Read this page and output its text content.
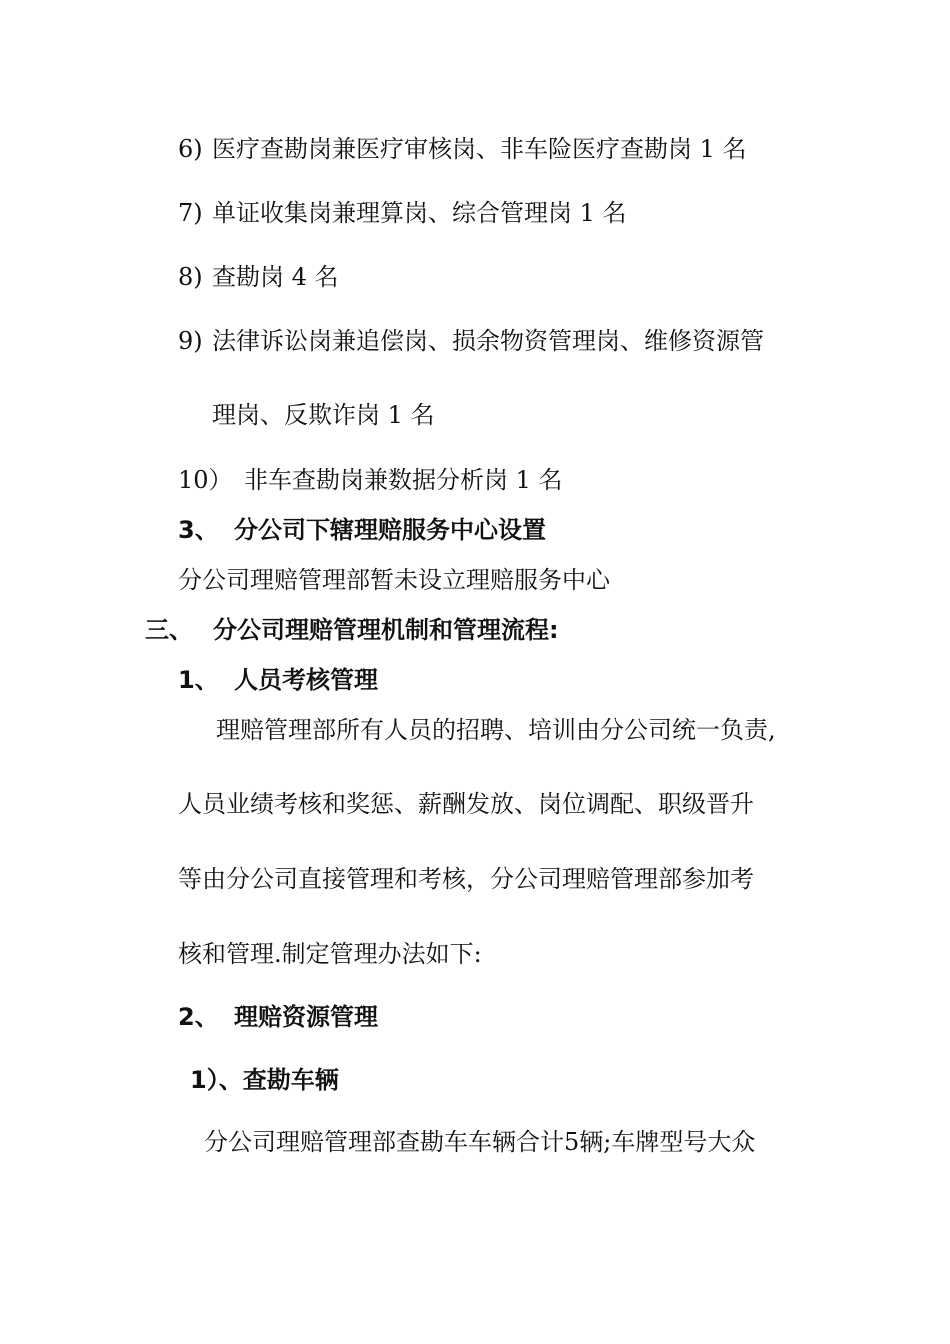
6) 医疗查勘岗兼医疗审核岗、非车险医疗查勘岗 1 名
7) 单证收集岗兼理算岗、综合管理岗 1 名
8) 查勘岗 4 名
9) 法律诉讼岗兼追偿岗、损余物资管理岗、维修资源管
理岗、反欺诈岗 1 名
10） 非车查勘岗兼数据分析岗 1 名
3、 分公司下辖理赔服务中心设置
分公司理赔管理部暂未设立理赔服务中心
三、 分公司理赔管理机制和管理流程:
1、 人员考核管理
理赔管理部所有人员的招聘、培训由分公司统一负责,
人员业绩考核和奖惩、薪酬发放、岗位调配、职级晋升
等由分公司直接管理和考核，分公司理赔管理部参加考
核和管理.制定管理办法如下:
2、 理赔资源管理
1）、查勘车辆
分公司理赔管理部查勘车车辆合计5辆;车牌型号大众
